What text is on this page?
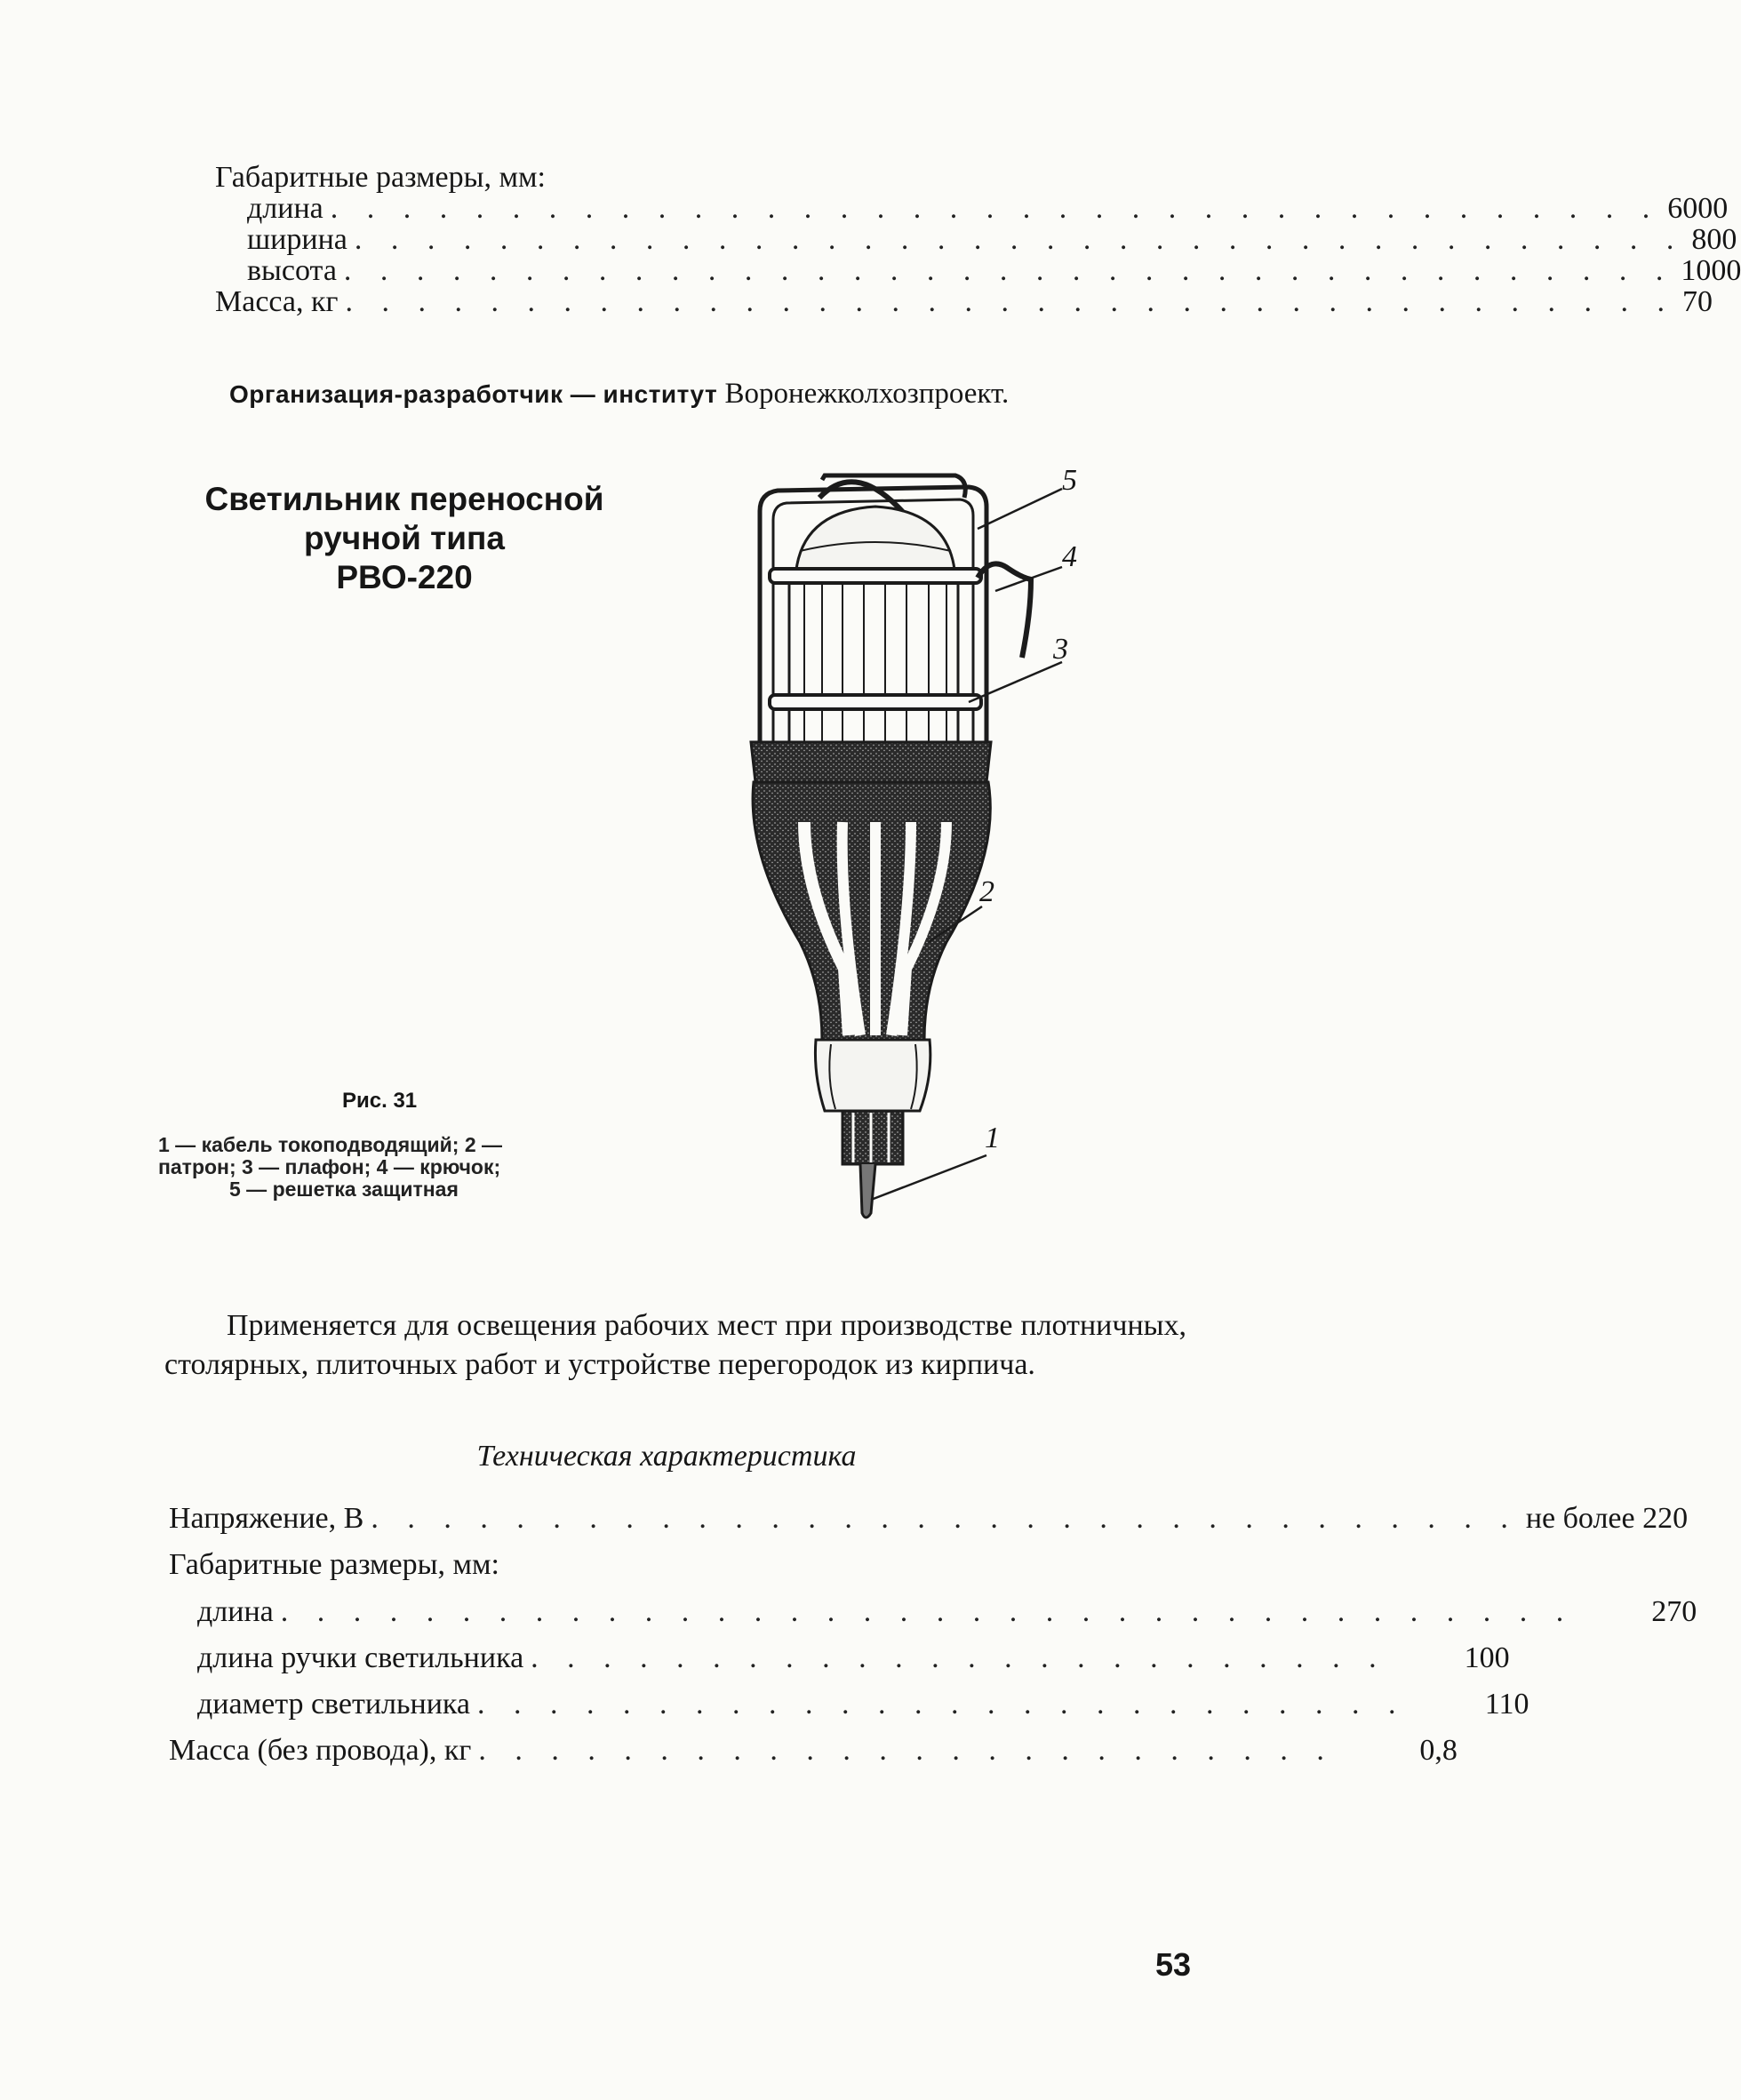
Габаритные размеры, мм:
длина . . . . . . . . . . . . . . . . . . . . . . . . . . . . . . . . . . . . . 6000
ширина . . . . . . . . . . . . . . . . . . . . . . . . . . . . . . . . . . . . . 800
высота . . . . . . . . . . . . . . . . . . . . . . . . . . . . . . . . . . . . . 1000
Масса, кг . . . . . . . . . . . . . . . . . . . . . . . . . . . . . . . . . . . . . 70
Организация-разработчик — институт Воронежколхозпроект.
Светильник переносной
ручной типа
РВО-220
5
4
3
2
1
Рис. 31
1 — кабель токоподводящий; 2 —
патрон; 3 — плафон; 4 — крючок;
5 — решетка защитная
Применяется для освещения рабочих мест при производстве плотничных, столярных, плиточных работ и устройстве перегородок из кирпича.
Техническая характеристика
Напряжение, В . . . . . . . . . . . . . . . . . . . . . . . . . . . . . . . . не более 220
Габаритные размеры, мм:
длина . . . . . . . . . . . . . . . . . . . . . . . . . . . . . . . . . . . .	270
длина ручки светильника . . . . . . . . . . . . . . . . . . . . . . . .	100
диаметр светильника . . . . . . . . . . . . . . . . . . . . . . . . . .	110
Масса (без провода), кг . . . . . . . . . . . . . . . . . . . . . . . .	0,8
53
